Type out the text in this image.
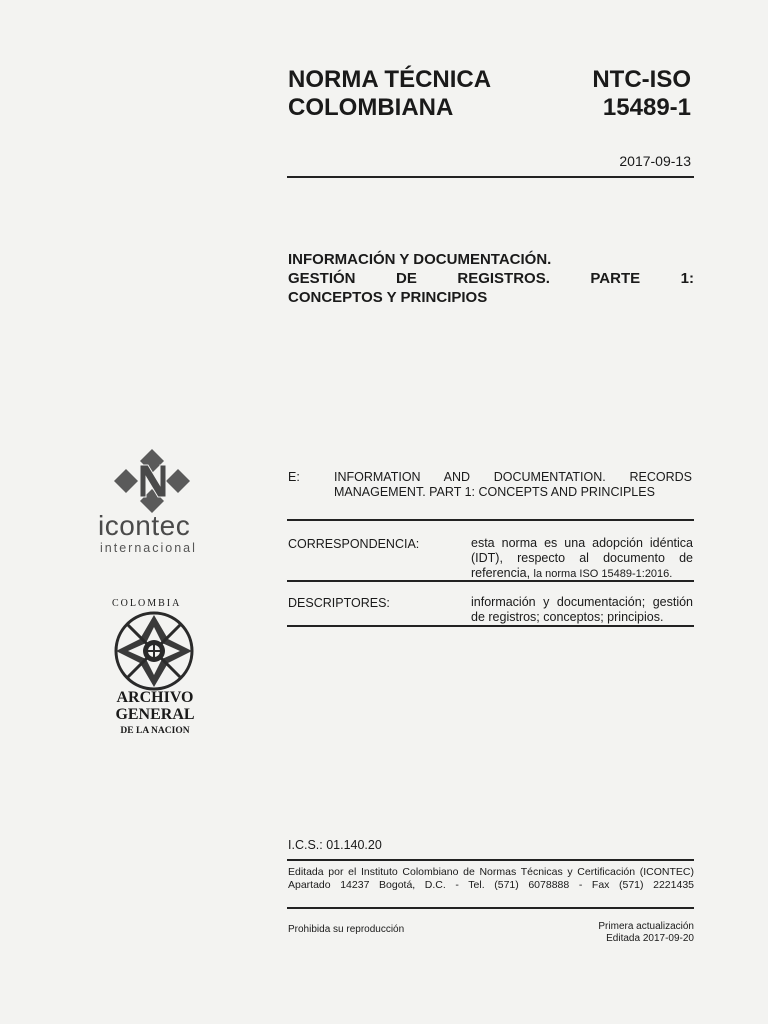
NORMA TÉCNICA
COLOMBIANA
NTC-ISO
15489-1
2017-09-13
INFORMACIÓN Y DOCUMENTACIÓN.
GESTIÓN DE REGISTROS. PARTE 1:
CONCEPTOS Y PRINCIPIOS
icontec
internacional
COLOMBIA
ARCHIVO
GENERAL
DE LA NACION
E:	INFORMATION AND DOCUMENTATION. RECORDS
MANAGEMENT. PART 1: CONCEPTS AND PRINCIPLES
CORRESPONDENCIA:	esta norma es una adopción idéntica
(IDT), respecto al documento de
referencia, la norma ISO 15489-1:2016.
DESCRIPTORES:	información y documentación; gestión
de registros; conceptos; principios.
I.C.S.: 01.140.20
Editada por el Instituto Colombiano de Normas Técnicas y Certificación (ICONTEC)
Apartado 14237 Bogotá, D.C. - Tel. (571) 6078888 - Fax (571) 2221435
Prohibida su reproducción	Primera actualización
Editada 2017-09-20
